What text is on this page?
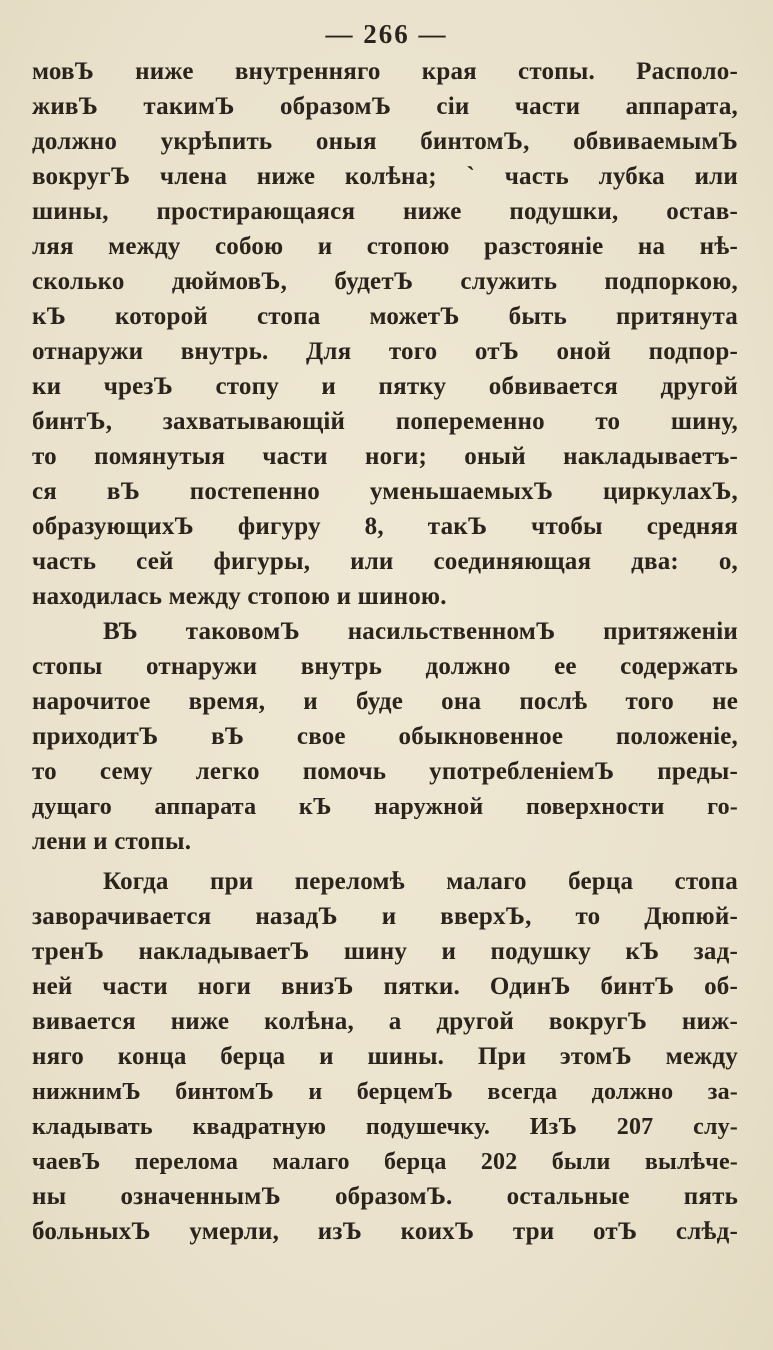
— 266 —
мовЪ ниже внутренняго края стопы. Располо-
живЪ такимЪ образомЪ сiи части аппарата,
должно укрѣпить оныя бинтомЪ, обвиваемымЪ
вокругЪ члена ниже колѣна; ` часть лубка или
шины, простирающаяся ниже подушки, остав-
ляя между собою и стопою разстоянiе на нѣ-
сколько дюймовЪ, будетЪ служить подпоркою,
кЪ которой стопа можетЪ быть притянута
отнаружи внутрь. Для того отЪ оной подпор-
ки чрезЪ стопу и пятку обвивается другой
бинтЪ, захватывающiй попеременно то шину,
то помянутыя части ноги; оный накладываетъ-
ся вЪ постепенно уменьшаемыхЪ циркулахЪ,
образующихЪ фигуру 8, такЪ чтобы средняя
часть сей фигуры, или соединяющая два: о,
находилась между стопою и шиною.
ВЪ таковомЪ насильственномЪ притяженiи
стопы отнаружи внутрь должно ее содержать
нарочитое время, и буде она послѣ того не
приходитЪ вЪ свое обыкновенное положенiе,
то сему легко помочь употребленiемЪ преды-
дущаго аппарата кЪ наружной поверхности го-
лени и стопы.
Когда при переломѣ малаго берца стопа
заворачивается назадЪ и вверхЪ, то Дюпюй-
тренЪ накладываетЪ шину и подушку кЪ зад-
ней части ноги внизЪ пятки. ОдинЪ бинтЪ об-
вивается ниже колѣна, а другой вокругЪ ниж-
няго конца берца и шины. При этомЪ между
нижнимЪ бинтомЪ и берцемЪ всегда должно за-
кладывать квадратную подушечку. ИзЪ 207 слу-
чаевЪ перелома малаго берца 202 были вылѣче-
ны означеннымЪ образомЪ. остальные пять
больныхЪ умерли, изЪ коихЪ три отЪ слѣд-
